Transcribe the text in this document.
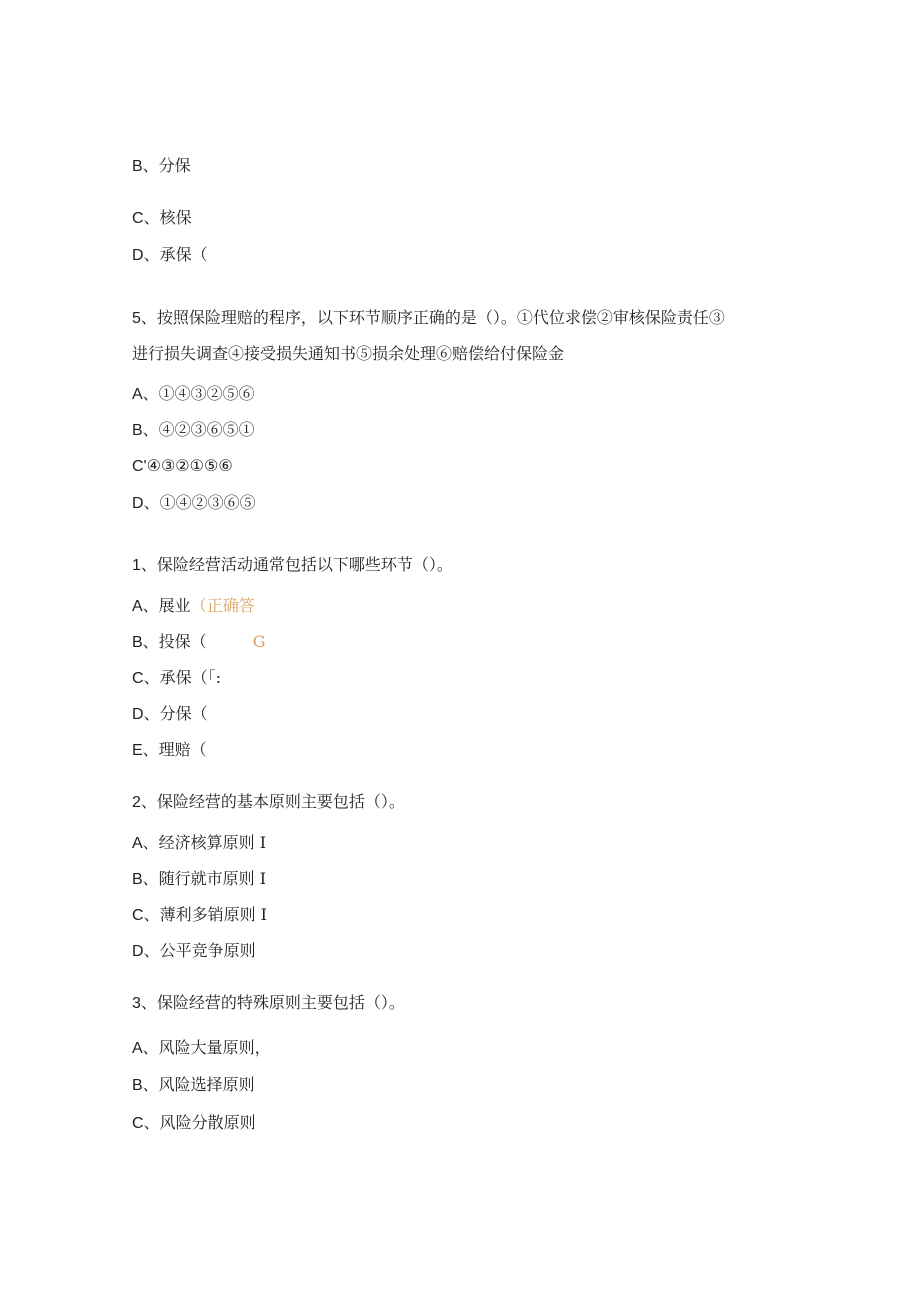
B、分保
C、核保
D、承保（
5、按照保险理赔的程序，以下环节顺序正确的是（）。①代位求偿②审核保险责任③
进行损失调查④接受损失通知书⑤损余处理⑥赔偿给付保险金
A、①④③②⑤⑥
B、④②③⑥⑤①
C'④③②①⑤⑥
D、①④②③⑥⑤
1、保险经营活动通常包括以下哪些环节（）。
A、展业（正确答
B、投保（	G
C、承保（「:
D、分保（
E、理赔（
2、保险经营的基本原则主要包括（）。
A、经济核算原则 I
B、随行就市原则 I
C、薄利多销原则 I
D、公平竞争原则
3、保险经营的特殊原则主要包括（）。
A、风险大量原则，
B、风险选择原则
C、风险分散原则
